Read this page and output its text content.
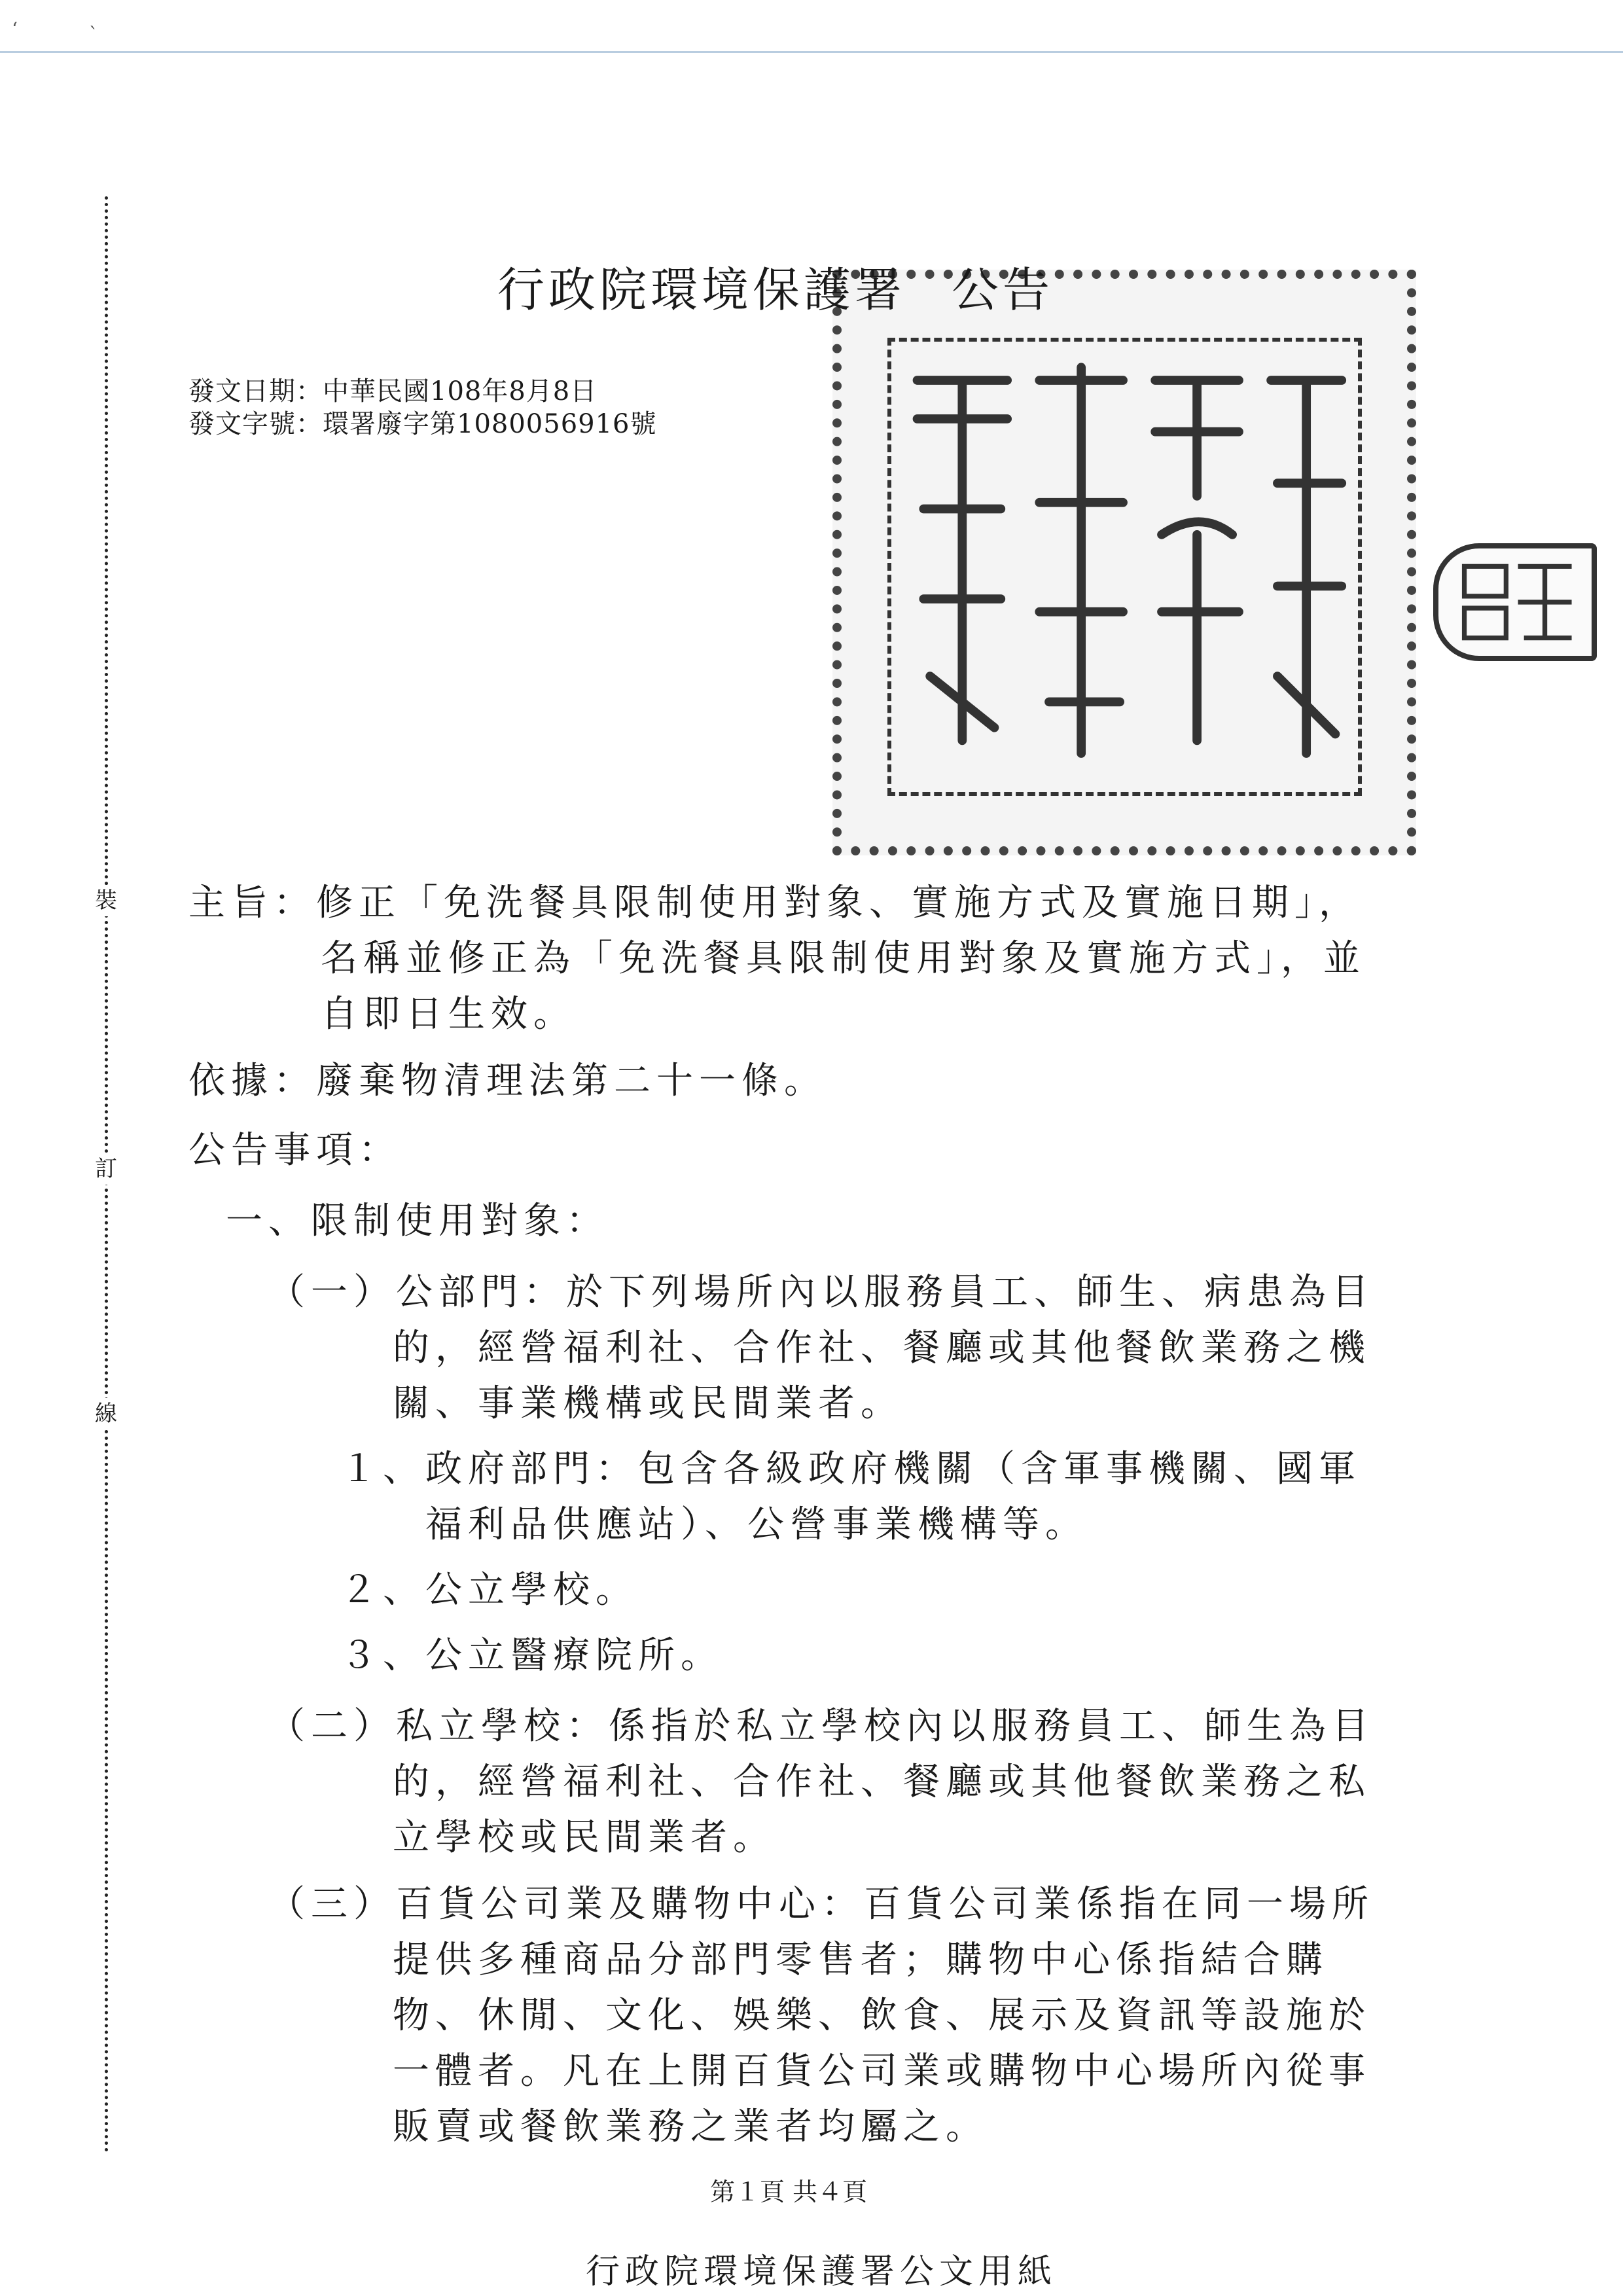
‘	`
裝
訂
線
行政院環境保護署 公告
發文日期：中華民國108年8月8日
發文字號：環署廢字第1080056916號
主旨：修正「免洗餐具限制使用對象、實施方式及實施日期」，
名稱並修正為「免洗餐具限制使用對象及實施方式」，並
自即日生效。
依據：廢棄物清理法第二十一條。
公告事項：
一、限制使用對象：
（一）公部門：於下列場所內以服務員工、師生、病患為目
的，經營福利社、合作社、餐廳或其他餐飲業務之機
關、事業機構或民間業者。
１、政府部門：包含各級政府機關（含軍事機關、國軍
福利品供應站）、公營事業機構等。
２、公立學校。
３、公立醫療院所。
（二）私立學校：係指於私立學校內以服務員工、師生為目
的，經營福利社、合作社、餐廳或其他餐飲業務之私
立學校或民間業者。
（三）百貨公司業及購物中心：百貨公司業係指在同一場所
提供多種商品分部門零售者；購物中心係指結合購
物、休閒、文化、娛樂、飲食、展示及資訊等設施於
一體者。凡在上開百貨公司業或購物中心場所內從事
販賣或餐飲業務之業者均屬之。
第１頁 共４頁
行政院環境保護署公文用紙
